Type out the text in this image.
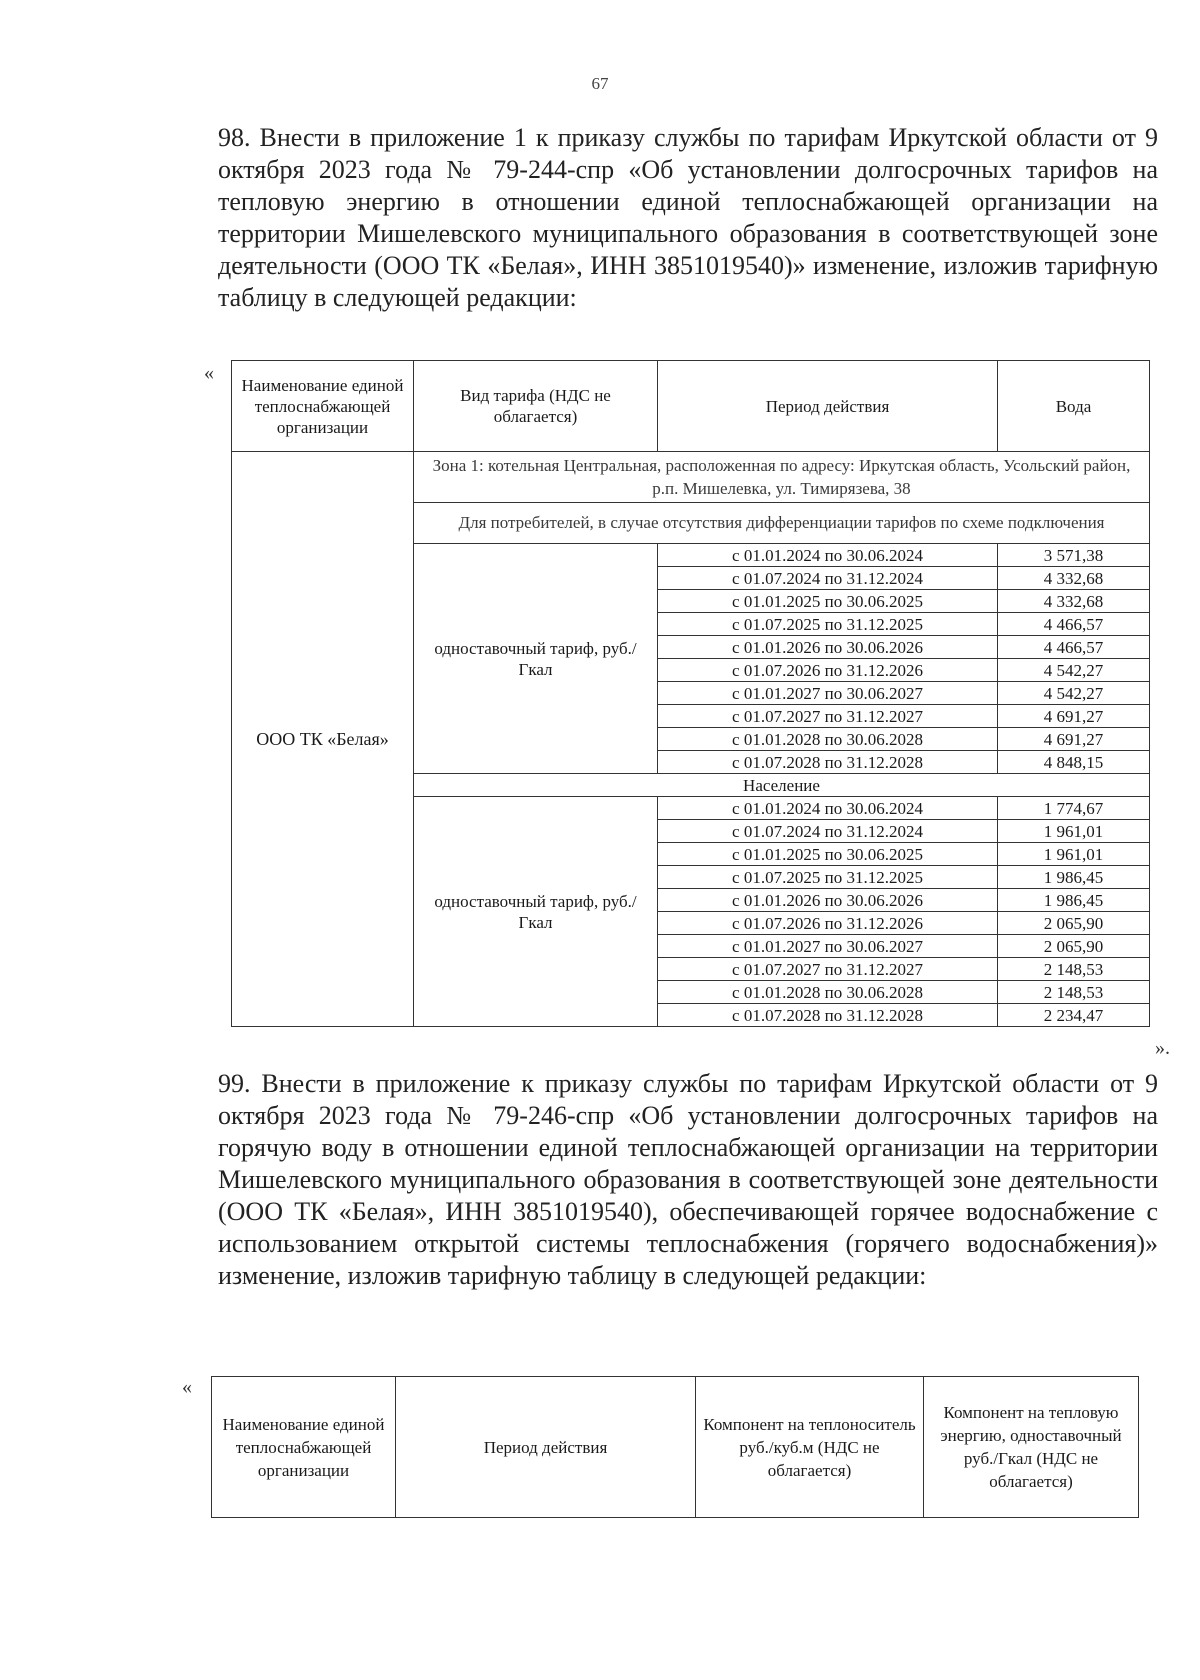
67
98. Внести в приложение 1 к приказу службы по тарифам Иркутской области от 9 октября 2023 года № 79-244-спр «Об установлении долгосрочных тарифов на тепловую энергию в отношении единой теплоснабжающей организации на территории Мишелевского муниципального образования в соответствующей зоне деятельности (ООО ТК «Белая», ИНН 3851019540)» изменение, изложив тарифную таблицу в следующей редакции:
«
Наименование единой теплоснабжающей организации	Вид тарифа (НДС не облагается)	Период действия	Вода
ООО ТК «Белая»	Зона 1: котельная Центральная, расположенная по адресу: Иркутская область, Усольский район, р.п. Мишелевка, ул. Тимирязева, 38		
	Для потребителей, в случае отсутствия дифференциации тарифов по схеме подключения		
	одноставочный тариф, руб./Гкал	с 01.01.2024 по 30.06.2024	3 571,38
		с 01.07.2024 по 31.12.2024	4 332,68
		с 01.01.2025 по 30.06.2025	4 332,68
		с 01.07.2025 по 31.12.2025	4 466,57
		с 01.01.2026 по 30.06.2026	4 466,57
		с 01.07.2026 по 31.12.2026	4 542,27
		с 01.01.2027 по 30.06.2027	4 542,27
		с 01.07.2027 по 31.12.2027	4 691,27
		с 01.01.2028 по 30.06.2028	4 691,27
		с 01.07.2028 по 31.12.2028	4 848,15
	Население		
	одноставочный тариф, руб./Гкал	с 01.01.2024 по 30.06.2024	1 774,67
		с 01.07.2024 по 31.12.2024	1 961,01
		с 01.01.2025 по 30.06.2025	1 961,01
		с 01.07.2025 по 31.12.2025	1 986,45
		с 01.01.2026 по 30.06.2026	1 986,45
		с 01.07.2026 по 31.12.2026	2 065,90
		с 01.01.2027 по 30.06.2027	2 065,90
		с 01.07.2027 по 31.12.2027	2 148,53
		с 01.01.2028 по 30.06.2028	2 148,53
		с 01.07.2028 по 31.12.2028	2 234,47
».
99. Внести в приложение к приказу службы по тарифам Иркутской области от 9 октября 2023 года № 79-246-спр «Об установлении долгосрочных тарифов на горячую воду в отношении единой теплоснабжающей организации на территории Мишелевского муниципального образования в соответствующей зоне деятельности (ООО ТК «Белая», ИНН 3851019540), обеспечивающей горячее водоснабжение с использованием открытой системы теплоснабжения (горячего водоснабжения)» изменение, изложив тарифную таблицу в следующей редакции:
«
Наименование единой теплоснабжающей организации	Период действия	Компонент на теплоноситель руб./куб.м (НДС не облагается)	Компонент на тепловую энергию, одноставочный руб./Гкал (НДС не облагается)
